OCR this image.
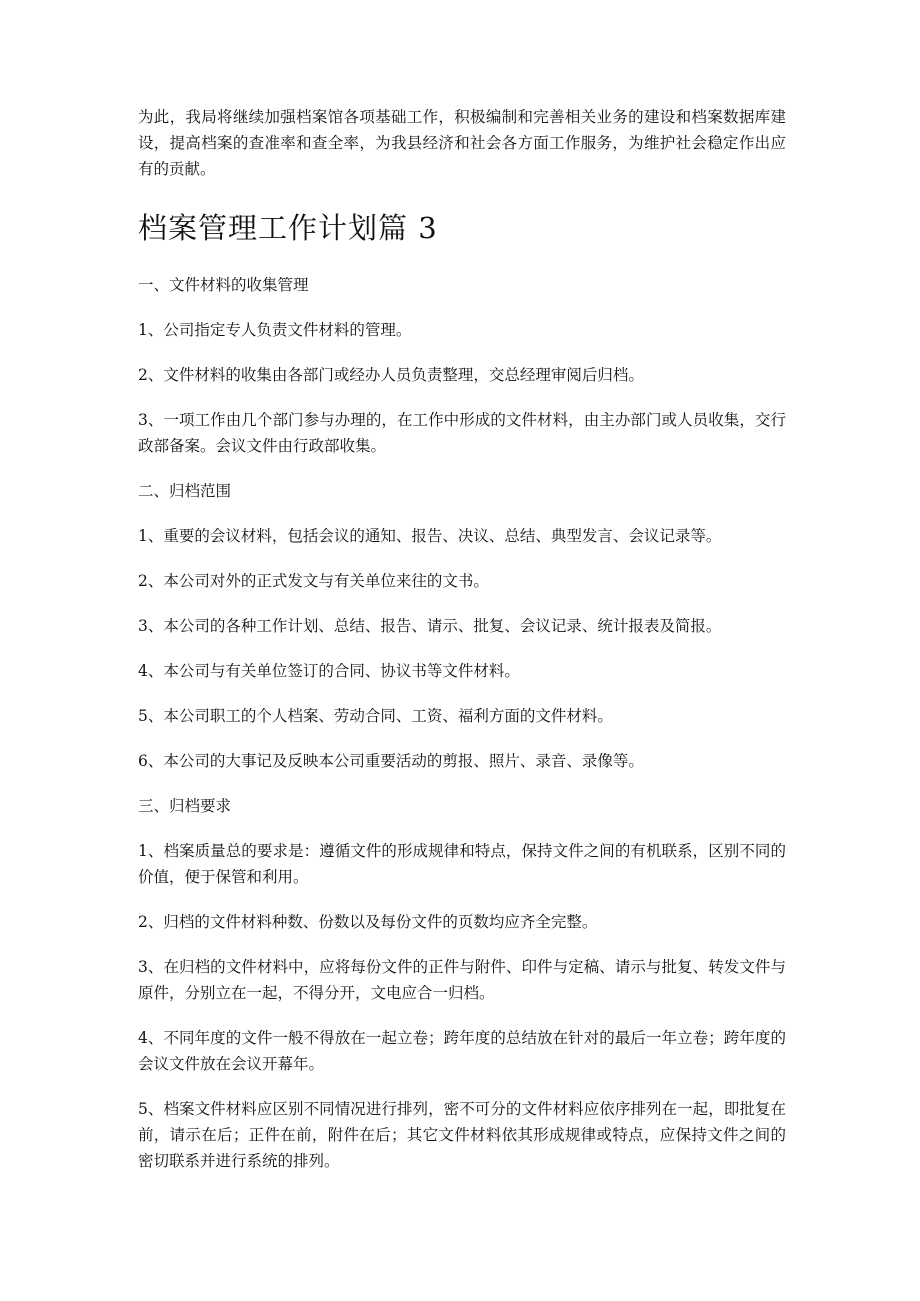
为此，我局将继续加强档案馆各项基础工作，积极编制和完善相关业务的建设和档案数据库建设，提高档案的查准率和查全率，为我县经济和社会各方面工作服务，为维护社会稳定作出应有的贡献。

档案管理工作计划篇 3

一、文件材料的收集管理

1、公司指定专人负责文件材料的管理。

2、文件材料的收集由各部门或经办人员负责整理，交总经理审阅后归档。

3、一项工作由几个部门参与办理的，在工作中形成的文件材料，由主办部门或人员收集，交行政部备案。会议文件由行政部收集。

二、归档范围

1、重要的会议材料，包括会议的通知、报告、决议、总结、典型发言、会议记录等。

2、本公司对外的正式发文与有关单位来往的文书。

3、本公司的各种工作计划、总结、报告、请示、批复、会议记录、统计报表及简报。

4、本公司与有关单位签订的合同、协议书等文件材料。

5、本公司职工的个人档案、劳动合同、工资、福利方面的文件材料。

6、本公司的大事记及反映本公司重要活动的剪报、照片、录音、录像等。

三、归档要求

1、档案质量总的要求是：遵循文件的形成规律和特点，保持文件之间的有机联系，区别不同的价值，便于保管和利用。

2、归档的文件材料种数、份数以及每份文件的页数均应齐全完整。

3、在归档的文件材料中，应将每份文件的正件与附件、印件与定稿、请示与批复、转发文件与原件，分别立在一起，不得分开，文电应合一归档。

4、不同年度的文件一般不得放在一起立卷；跨年度的总结放在针对的最后一年立卷；跨年度的会议文件放在会议开幕年。

5、档案文件材料应区别不同情况进行排列，密不可分的文件材料应依序排列在一起，即批复在前，请示在后；正件在前，附件在后；其它文件材料依其形成规律或特点，应保持文件之间的密切联系并进行系统的排列。
